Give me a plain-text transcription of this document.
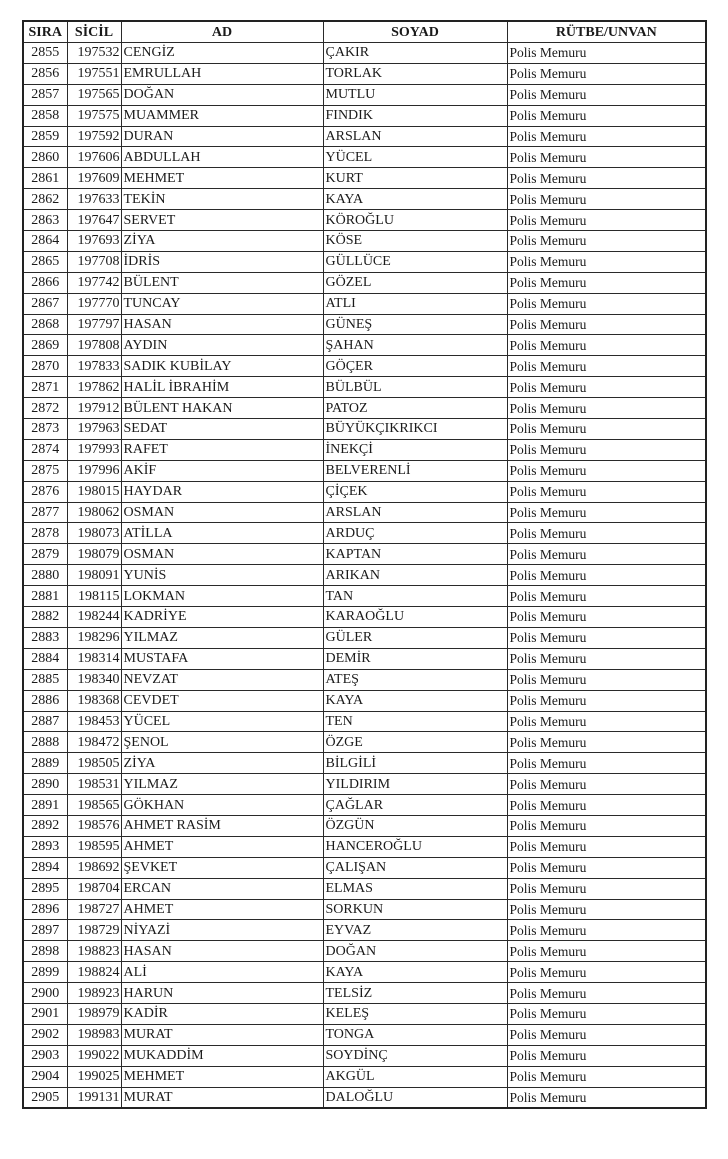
SIRA	SİCİL	AD	SOYAD	RÜTBE/UNVAN
2855	197532	CENGİZ	ÇAKIR	Polis Memuru
2856	197551	EMRULLAH	TORLAK	Polis Memuru
2857	197565	DOĞAN	MUTLU	Polis Memuru
2858	197575	MUAMMER	FINDIK	Polis Memuru
2859	197592	DURAN	ARSLAN	Polis Memuru
2860	197606	ABDULLAH	YÜCEL	Polis Memuru
2861	197609	MEHMET	KURT	Polis Memuru
2862	197633	TEKİN	KAYA	Polis Memuru
2863	197647	SERVET	KÖROĞLU	Polis Memuru
2864	197693	ZİYA	KÖSE	Polis Memuru
2865	197708	İDRİS	GÜLLÜCE	Polis Memuru
2866	197742	BÜLENT	GÖZEL	Polis Memuru
2867	197770	TUNCAY	ATLI	Polis Memuru
2868	197797	HASAN	GÜNEŞ	Polis Memuru
2869	197808	AYDIN	ŞAHAN	Polis Memuru
2870	197833	SADIK KUBİLAY	GÖÇER	Polis Memuru
2871	197862	HALİL İBRAHİM	BÜLBÜL	Polis Memuru
2872	197912	BÜLENT HAKAN	PATOZ	Polis Memuru
2873	197963	SEDAT	BÜYÜKÇIKRIKCI	Polis Memuru
2874	197993	RAFET	İNEKÇİ	Polis Memuru
2875	197996	AKİF	BELVERENLİ	Polis Memuru
2876	198015	HAYDAR	ÇİÇEK	Polis Memuru
2877	198062	OSMAN	ARSLAN	Polis Memuru
2878	198073	ATİLLA	ARDUÇ	Polis Memuru
2879	198079	OSMAN	KAPTAN	Polis Memuru
2880	198091	YUNİS	ARIKAN	Polis Memuru
2881	198115	LOKMAN	TAN	Polis Memuru
2882	198244	KADRİYE	KARAOĞLU	Polis Memuru
2883	198296	YILMAZ	GÜLER	Polis Memuru
2884	198314	MUSTAFA	DEMİR	Polis Memuru
2885	198340	NEVZAT	ATEŞ	Polis Memuru
2886	198368	CEVDET	KAYA	Polis Memuru
2887	198453	YÜCEL	TEN	Polis Memuru
2888	198472	ŞENOL	ÖZGE	Polis Memuru
2889	198505	ZİYA	BİLGİLİ	Polis Memuru
2890	198531	YILMAZ	YILDIRIM	Polis Memuru
2891	198565	GÖKHAN	ÇAĞLAR	Polis Memuru
2892	198576	AHMET RASİM	ÖZGÜN	Polis Memuru
2893	198595	AHMET	HANCEROĞLU	Polis Memuru
2894	198692	ŞEVKET	ÇALIŞAN	Polis Memuru
2895	198704	ERCAN	ELMAS	Polis Memuru
2896	198727	AHMET	SORKUN	Polis Memuru
2897	198729	NİYAZİ	EYVAZ	Polis Memuru
2898	198823	HASAN	DOĞAN	Polis Memuru
2899	198824	ALİ	KAYA	Polis Memuru
2900	198923	HARUN	TELSİZ	Polis Memuru
2901	198979	KADİR	KELEŞ	Polis Memuru
2902	198983	MURAT	TONGA	Polis Memuru
2903	199022	MUKADDİM	SOYDİNÇ	Polis Memuru
2904	199025	MEHMET	AKGÜL	Polis Memuru
2905	199131	MURAT	DALOĞLU	Polis Memuru
